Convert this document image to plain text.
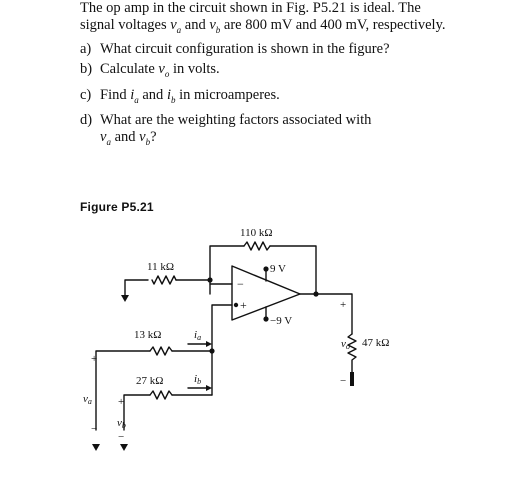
The op amp in the circuit shown in Fig. P5.21 is ideal. The signal voltages $v_a$ and $v_b$ are 800 mV and 400 mV, respectively.

a) What circuit configuration is shown in the figure?
b) Calculate $v_o$ in volts.
c) Find $i_a$ and $i_b$ in microamperes.
d) What are the weighting factors associated with
$v_a$ and $v_b$?
Figure P5.21
110 kΩ
11 kΩ
13 kΩ
27 kΩ
47 kΩ
9 V
−9 V
−
+
ia
ib
+
va
−
+
vb
−
+
vo
−
